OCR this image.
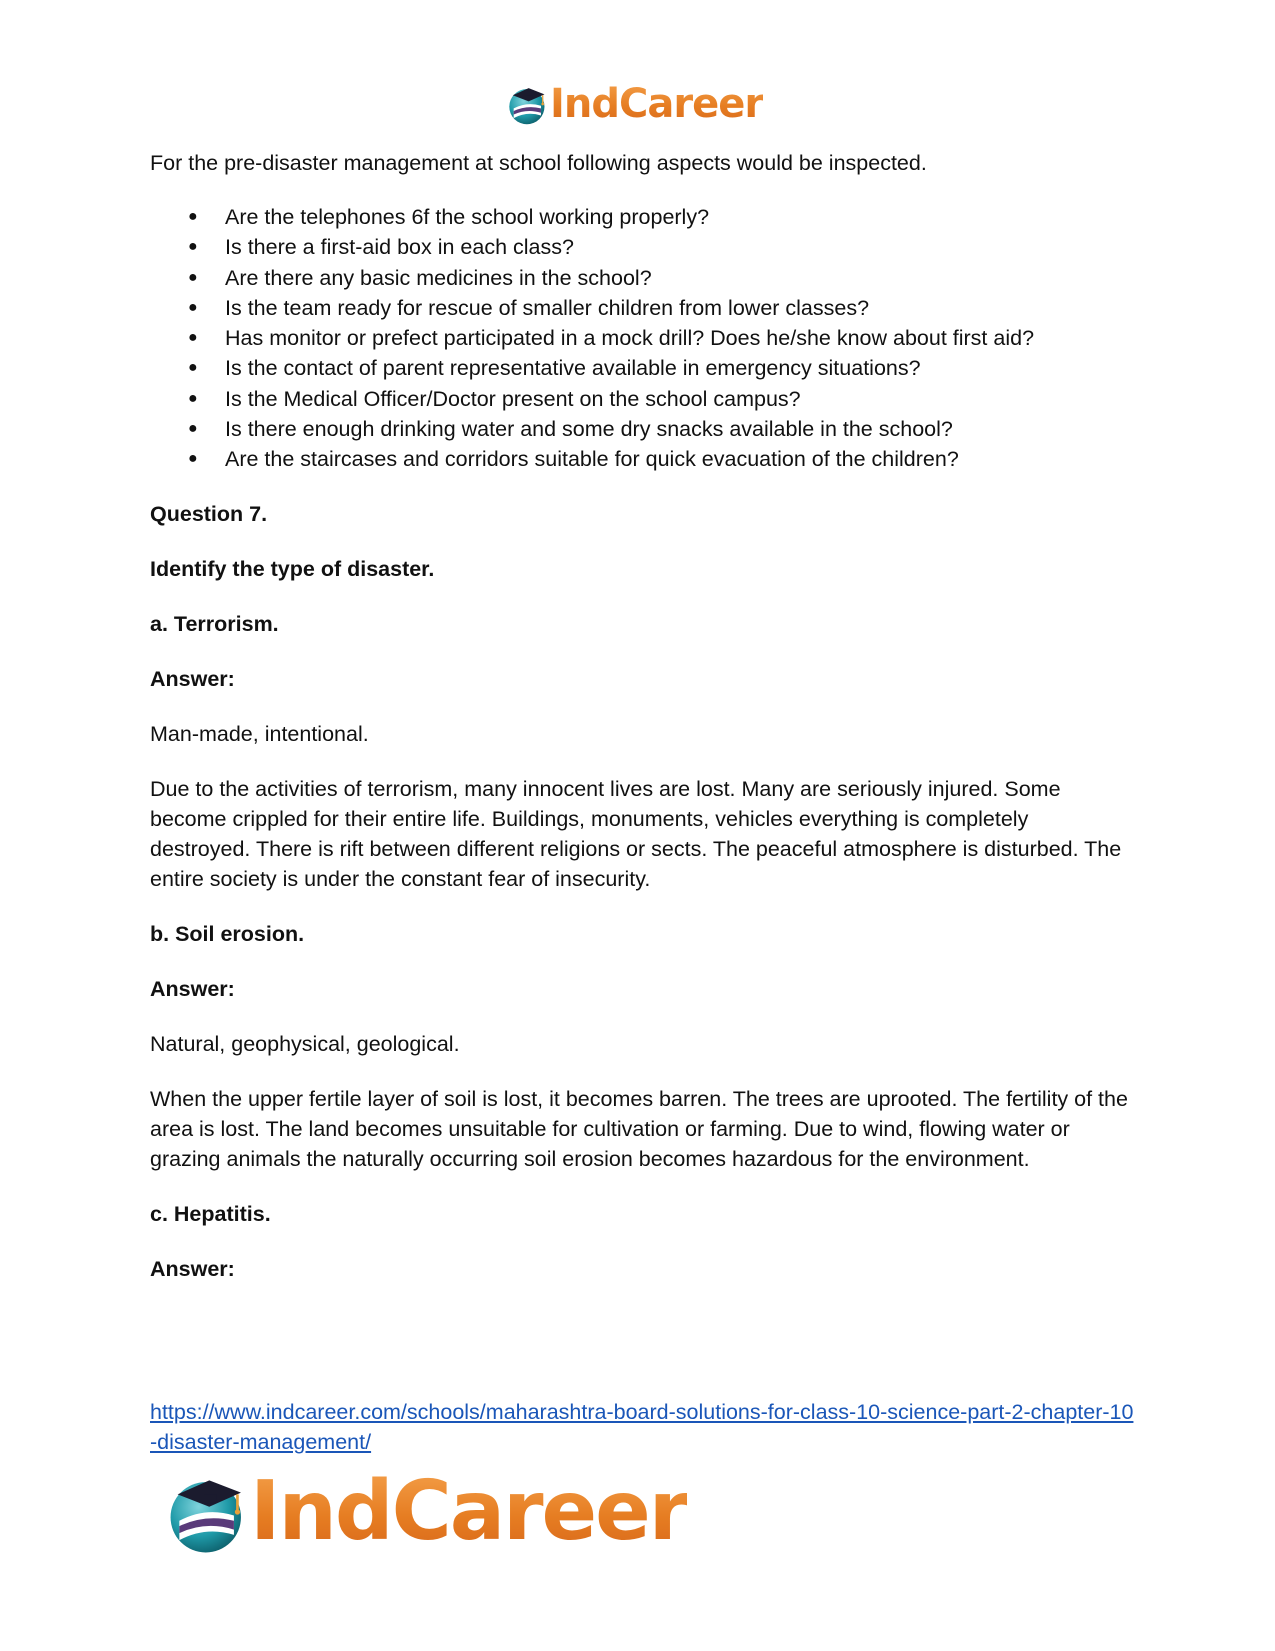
IndCareer

For the pre-disaster management at school following aspects would be inspected.

● Are the telephones 6f the school working properly?
● Is there a first-aid box in each class?
● Are there any basic medicines in the school?
● Is the team ready for rescue of smaller children from lower classes?
● Has monitor or prefect participated in a mock drill? Does he/she know about first aid?
● Is the contact of parent representative available in emergency situations?
● Is the Medical Officer/Doctor present on the school campus?
● Is there enough drinking water and some dry snacks available in the school?
● Are the staircases and corridors suitable for quick evacuation of the children?

Question 7.

Identify the type of disaster.

a. Terrorism.

Answer:

Man-made, intentional.

Due to the activities of terrorism, many innocent lives are lost. Many are seriously injured. Some become crippled for their entire life. Buildings, monuments, vehicles everything is completely destroyed. There is rift between different religions or sects. The peaceful atmosphere is disturbed. The entire society is under the constant fear of insecurity.

b. Soil erosion.

Answer:

Natural, geophysical, geological.

When the upper fertile layer of soil is lost, it becomes barren. The trees are uprooted. The fertility of the area is lost. The land becomes unsuitable for cultivation or farming. Due to wind, flowing water or grazing animals the naturally occurring soil erosion becomes hazardous for the environment.

c. Hepatitis.

Answer:

https://www.indcareer.com/schools/maharashtra-board-solutions-for-class-10-science-part-2-chapter-10-disaster-management/
IndCareer
